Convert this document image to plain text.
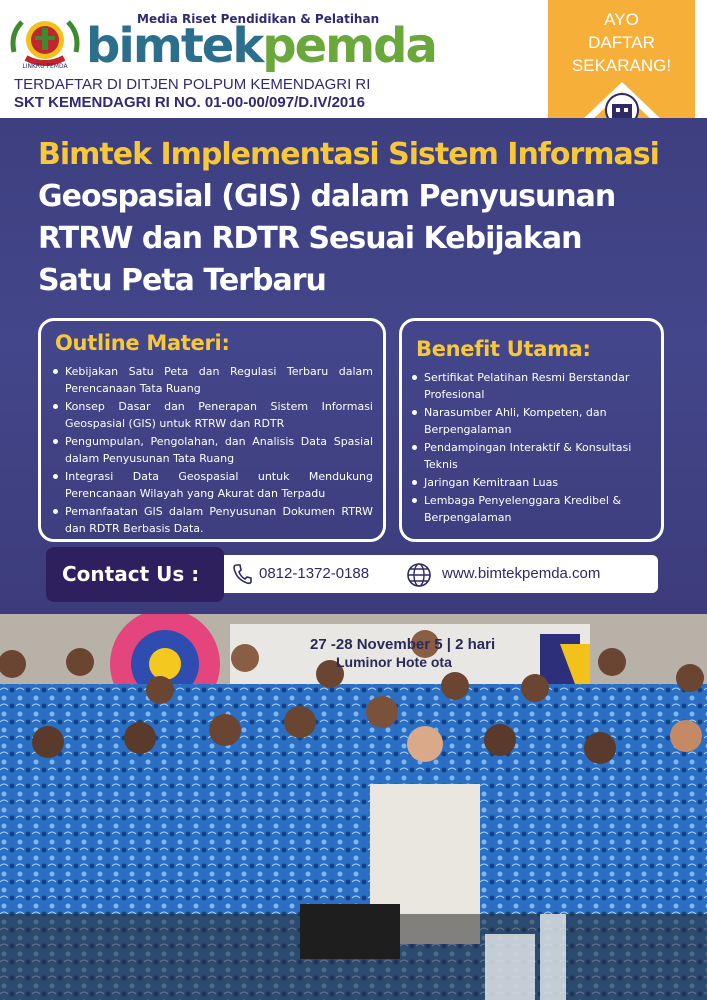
LINKRU PEMDA
Media Riset Pendidikan & Pelatihan
bimtekpemda
TERDAFTAR DI DITJEN POLPUM KEMENDAGRI RI
SKT KEMENDAGRI RI NO. 01-00-00/097/D.IV/2016
AYO
DAFTAR
SEKARANG!
Bimtek Implementasi Sistem Informasi
Geospasial (GIS) dalam Penyusunan
RTRW dan RDTR Sesuai Kebijakan
Satu Peta Terbaru
Outline Materi:
Kebijakan Satu Peta dan Regulasi Terbaru dalam Perencanaan Tata Ruang
Konsep Dasar dan Penerapan Sistem Informasi Geospasial (GIS) untuk RTRW dan RDTR
Pengumpulan, Pengolahan, dan Analisis Data Spasial dalam Penyusunan Tata Ruang
Integrasi Data Geospasial untuk Mendukung Perencanaan Wilayah yang Akurat dan Terpadu
Pemanfaatan GIS dalam Penyusunan Dokumen RTRW dan RDTR Berbasis Data.
Benefit Utama:
Sertifikat Pelatihan Resmi Berstandar Profesional
Narasumber Ahli, Kompeten, dan Berpengalaman
Pendampingan Interaktif & Konsultasi Teknis
Jaringan Kemitraan Luas
Lembaga Penyelenggara Kredibel & Berpengalaman
Contact Us :	0812-1372-0188	www.bimtekpemda.com
27 -28 November 5 | 2 hari
Luminor Hote ota
